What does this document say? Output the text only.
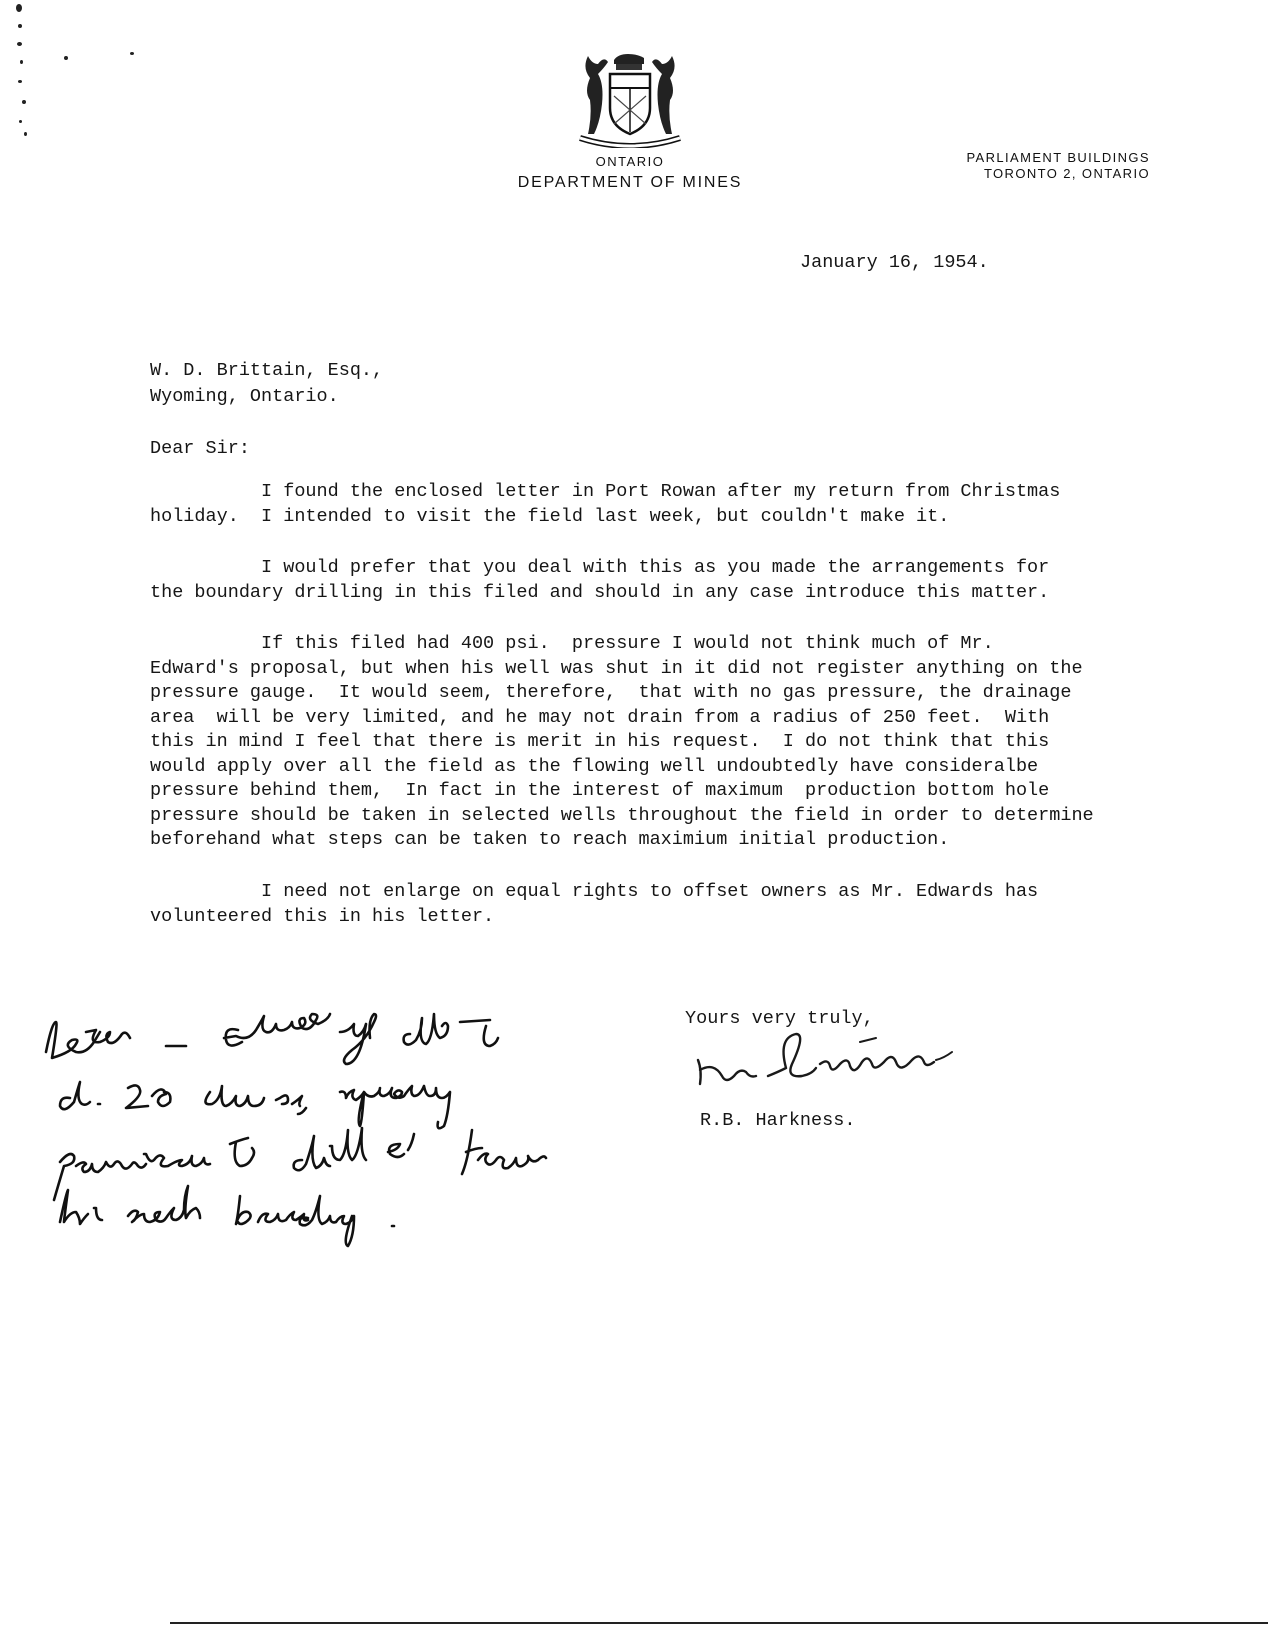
ONTARIO
DEPARTMENT OF MINES
PARLIAMENT BUILDINGS
TORONTO 2, ONTARIO
January 16, 1954.
W. D. Brittain, Esq.,
Wyoming, Ontario.
Dear Sir:
I found the enclosed letter in Port Rowan after my return from Christmas
holiday.  I intended to visit the field last week, but couldn't make it.
I would prefer that you deal with this as you made the arrangements for
the boundary drilling in this filed and should in any case introduce this matter.
If this filed had 400 psi.  pressure I would not think much of Mr.
Edward's proposal, but when his well was shut in it did not register anything on the
pressure gauge.  It would seem, therefore,  that with no gas pressure, the drainage
area  will be very limited, and he may not drain from a radius of 250 feet.  With
this in mind I feel that there is merit in his request.  I do not think that this
would apply over all the field as the flowing well undoubtedly have consideralbe
pressure behind them,  In fact in the interest of maximum  production bottom hole
pressure should be taken in selected wells throughout the field in order to determine
beforehand what steps can be taken to reach maximium initial production.
I need not enlarge on equal rights to offset owners as Mr. Edwards has
volunteered this in his letter.
Yours very truly,
R.B. Harkness.
